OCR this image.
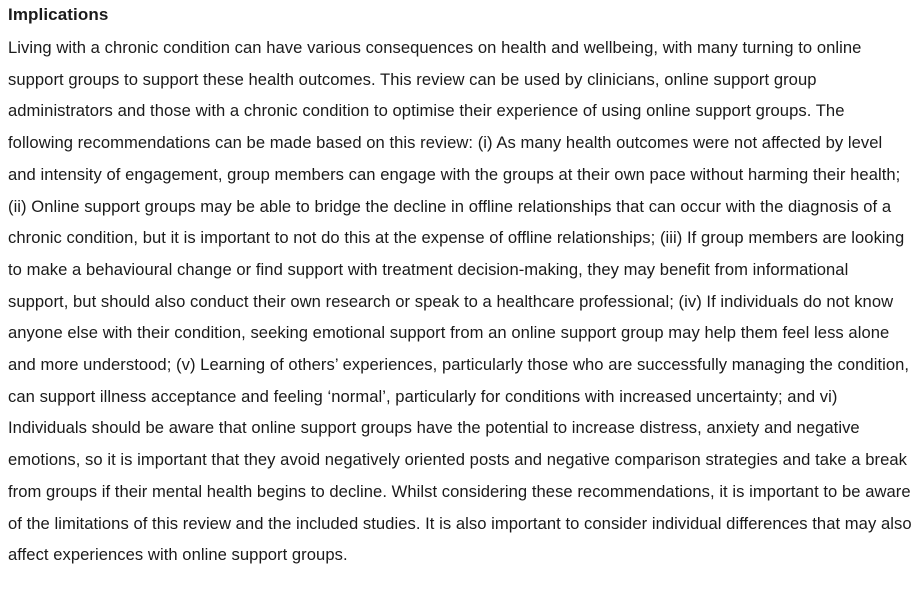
Implications

Living with a chronic condition can have various consequences on health and wellbeing, with many turning to online support groups to support these health outcomes. This review can be used by clinicians, online support group administrators and those with a chronic condition to optimise their experience of using online support groups. The following recommendations can be made based on this review: (i) As many health outcomes were not affected by level and intensity of engagement, group members can engage with the groups at their own pace without harming their health; (ii) Online support groups may be able to bridge the decline in offline relationships that can occur with the diagnosis of a chronic condition, but it is important to not do this at the expense of offline relationships; (iii) If group members are looking to make a behavioural change or find support with treatment decision-making, they may benefit from informational support, but should also conduct their own research or speak to a healthcare professional; (iv) If individuals do not know anyone else with their condition, seeking emotional support from an online support group may help them feel less alone and more understood; (v) Learning of others’ experiences, particularly those who are successfully managing the condition, can support illness acceptance and feeling ‘normal’, particularly for conditions with increased uncertainty; and vi) Individuals should be aware that online support groups have the potential to increase distress, anxiety and negative emotions, so it is important that they avoid negatively oriented posts and negative comparison strategies and take a break from groups if their mental health begins to decline. Whilst considering these recommendations, it is important to be aware of the limitations of this review and the included studies. It is also important to consider individual differences that may also affect experiences with online support groups.
